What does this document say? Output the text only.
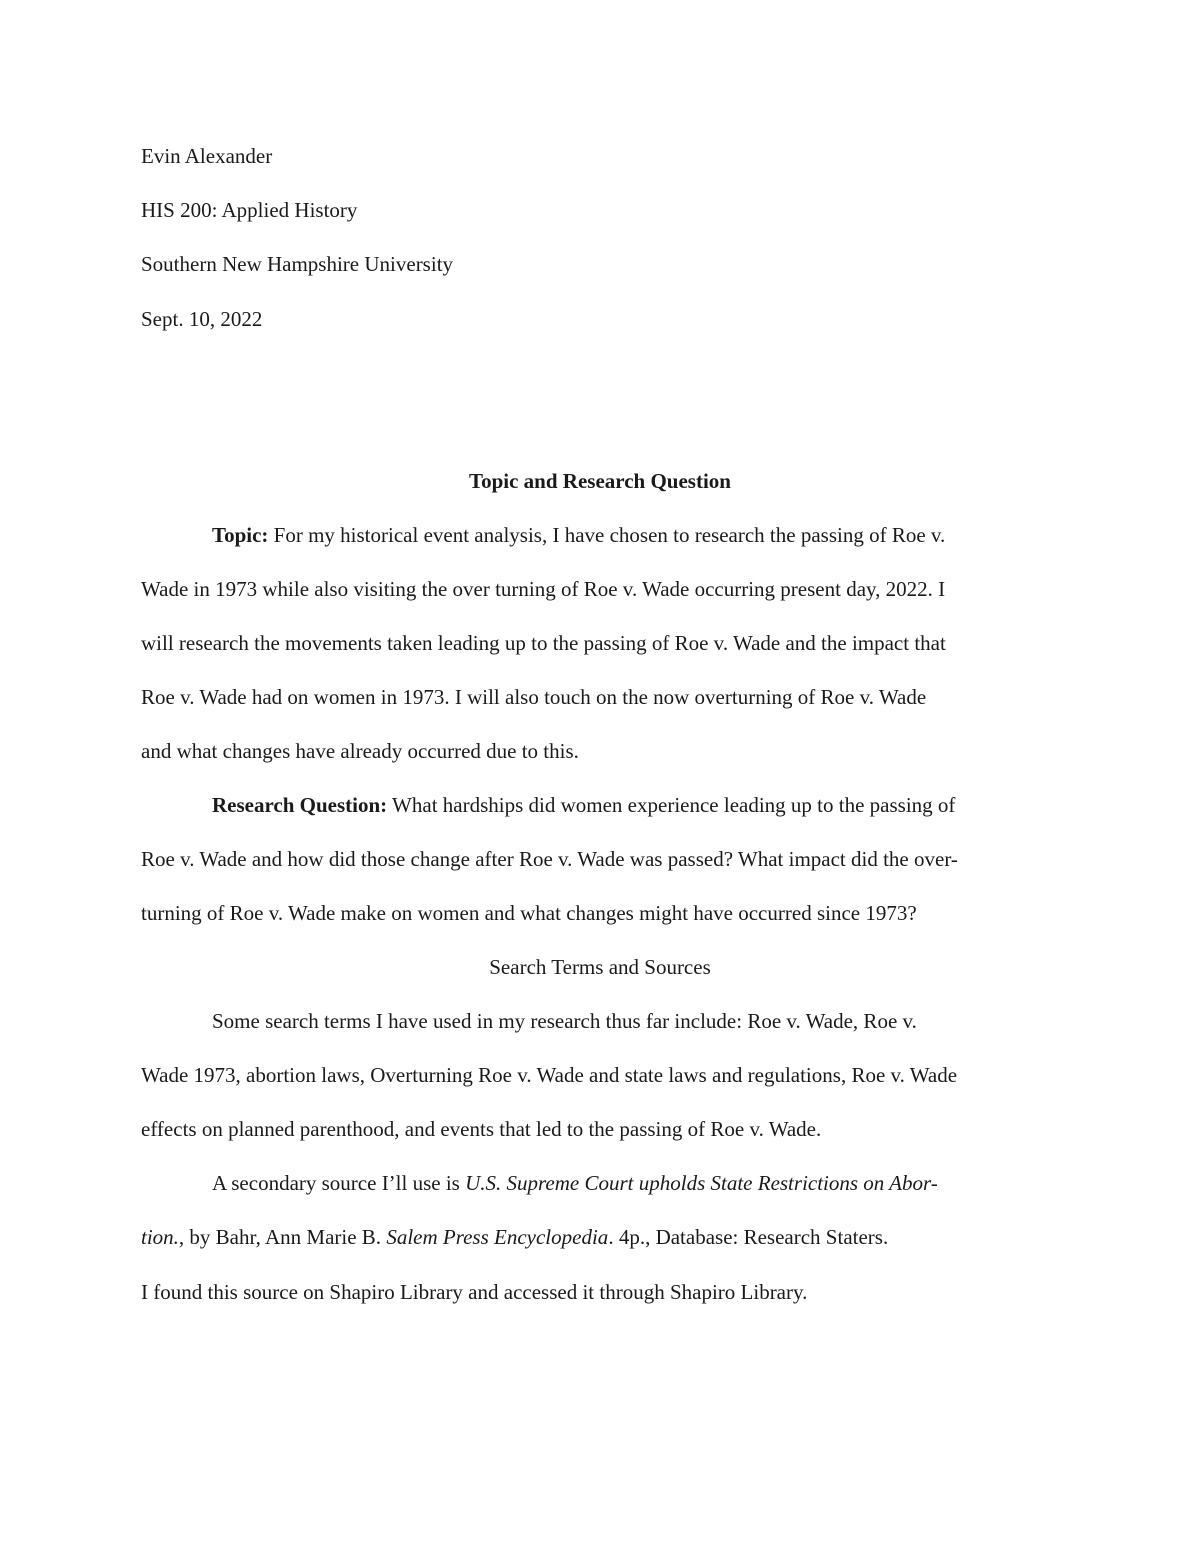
Evin Alexander
HIS 200: Applied History
Southern New Hampshire University
Sept. 10, 2022
Topic and Research Question
Topic: For my historical event analysis, I have chosen to research the passing of Roe v.
Wade in 1973 while also visiting the over turning of Roe v. Wade occurring present day, 2022. I
will research the movements taken leading up to the passing of Roe v. Wade and the impact that
Roe v. Wade had on women in 1973. I will also touch on the now overturning of Roe v. Wade
and what changes have already occurred due to this.
Research Question: What hardships did women experience leading up to the passing of
Roe v. Wade and how did those change after Roe v. Wade was passed? What impact did the over-
turning of Roe v. Wade make on women and what changes might have occurred since 1973?
Search Terms and Sources
Some search terms I have used in my research thus far include: Roe v. Wade, Roe v.
Wade 1973, abortion laws, Overturning Roe v. Wade and state laws and regulations, Roe v. Wade
effects on planned parenthood, and events that led to the passing of Roe v. Wade.
A secondary source I’ll use is U.S. Supreme Court upholds State Restrictions on Abor-
tion., by Bahr, Ann Marie B. Salem Press Encyclopedia. 4p., Database: Research Staters.
I found this source on Shapiro Library and accessed it through Shapiro Library.
